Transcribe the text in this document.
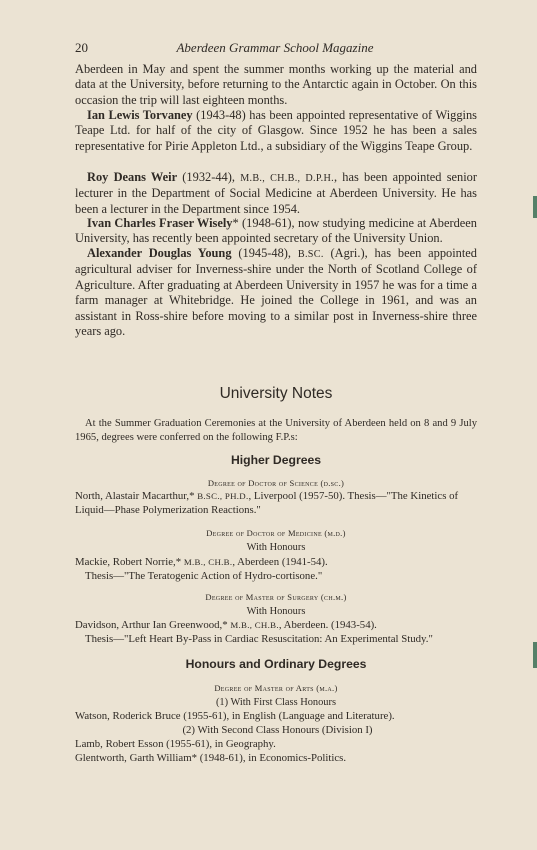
20	Aberdeen Grammar School Magazine
Aberdeen in May and spent the summer months working up the material and data at the University, before returning to the Antarctic again in October. On this occasion the trip will last eighteen months.
Ian Lewis Torvaney (1943-48) has been appointed representative of Wiggins Teape Ltd. for half of the city of Glasgow. Since 1952 he has been a sales representative for Pirie Appleton Ltd., a subsidiary of the Wiggins Teape Group.
Roy Deans Weir (1932-44), M.B., CH.B., D.P.H., has been appointed senior lecturer in the Department of Social Medicine at Aberdeen University. He has been a lecturer in the Department since 1954.
Ivan Charles Fraser Wisely* (1948-61), now studying medicine at Aberdeen University, has recently been appointed secretary of the University Union.
Alexander Douglas Young (1945-48), B.SC. (Agri.), has been appointed agricultural adviser for Inverness-shire under the North of Scotland College of Agriculture. After graduating at Aberdeen University in 1957 he was for a time a farm manager at Whitebridge. He joined the College in 1961, and was an assistant in Ross-shire before moving to a similar post in Inverness-shire three years ago.
University Notes
At the Summer Graduation Ceremonies at the University of Aberdeen held on 8 and 9 July 1965, degrees were conferred on the following F.P.s:
Higher Degrees
Degree of Doctor of Science (d.sc.)
North, Alastair Macarthur,* B.SC., PH.D., Liverpool (1957-50). Thesis—"The Kinetics of Liquid—Phase Polymerization Reactions."
Degree of Doctor of Medicine (m.d.)
With Honours
Mackie, Robert Norrie,* M.B., CH.B., Aberdeen (1941-54).
Thesis—"The Teratogenic Action of Hydro-cortisone."
Degree of Master of Surgery (ch.m.)
With Honours
Davidson, Arthur Ian Greenwood,* M.B., CH.B., Aberdeen. (1943-54).
Thesis—"Left Heart By-Pass in Cardiac Resuscitation: An Experimental Study."
Honours and Ordinary Degrees
Degree of Master of Arts (m.a.)
(1) With First Class Honours
Watson, Roderick Bruce (1955-61), in English (Language and Literature).
(2) With Second Class Honours (Division I)
Lamb, Robert Esson (1955-61), in Geography.
Glentworth, Garth William* (1948-61), in Economics-Politics.
